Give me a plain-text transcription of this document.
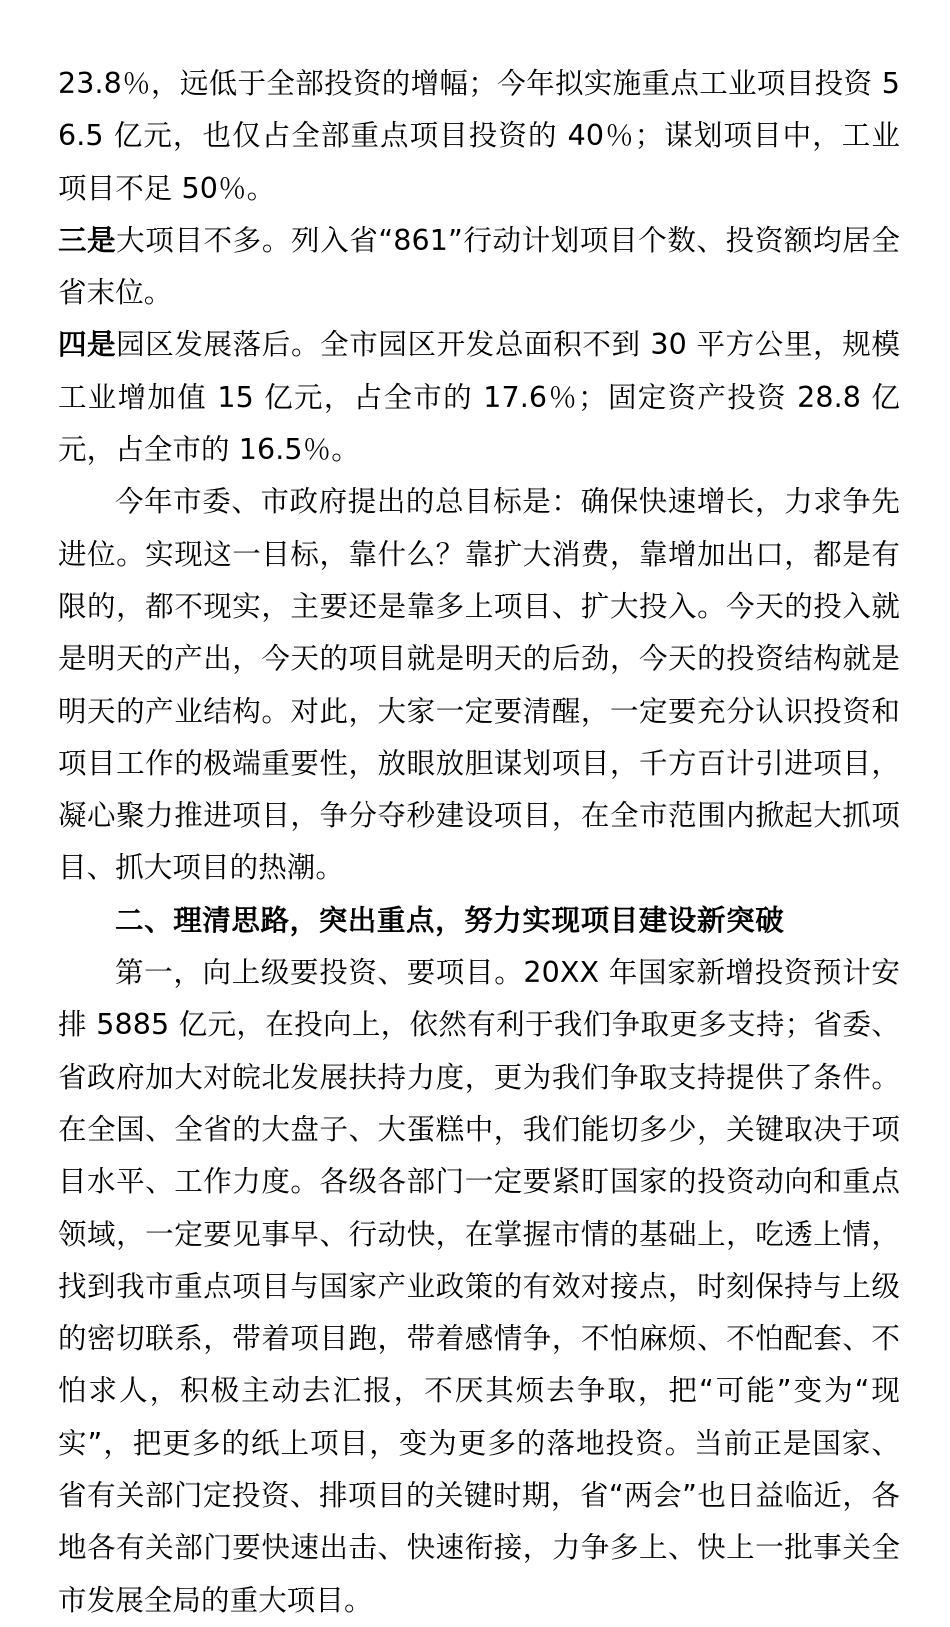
23.8％，远低于全部投资的增幅；今年拟实施重点工业项目投资 56.5 亿元，也仅占全部重点项目投资的 40％；谋划项目中，工业项目不足 50％。

三是大项目不多。列入省“861”行动计划项目个数、投资额均居全省末位。

四是园区发展落后。全市园区开发总面积不到 30 平方公里，规模工业增加值 15 亿元，占全市的 17.6％；固定资产投资 28.8 亿元，占全市的 16.5％。

今年市委、市政府提出的总目标是：确保快速增长，力求争先进位。实现这一目标，靠什么？靠扩大消费，靠增加出口，都是有限的，都不现实，主要还是靠多上项目、扩大投入。今天的投入就是明天的产出，今天的项目就是明天的后劲，今天的投资结构就是明天的产业结构。对此，大家一定要清醒，一定要充分认识投资和项目工作的极端重要性，放眼放胆谋划项目，千方百计引进项目，凝心聚力推进项目，争分夺秒建设项目，在全市范围内掀起大抓项目、抓大项目的热潮。

二、理清思路，突出重点，努力实现项目建设新突破

第一，向上级要投资、要项目。20XX 年国家新增投资预计安排 5885 亿元，在投向上，依然有利于我们争取更多支持；省委、省政府加大对皖北发展扶持力度，更为我们争取支持提供了条件。在全国、全省的大盘子、大蛋糕中，我们能切多少，关键取决于项目水平、工作力度。各级各部门一定要紧盯国家的投资动向和重点领域，一定要见事早、行动快，在掌握市情的基础上，吃透上情，找到我市重点项目与国家产业政策的有效对接点，时刻保持与上级的密切联系，带着项目跑，带着感情争，不怕麻烦、不怕配套、不怕求人，积极主动去汇报，不厌其烦去争取，把“可能”变为“现实”，把更多的纸上项目，变为更多的落地投资。当前正是国家、省有关部门定投资、排项目的关键时期，省“两会”也日益临近，各地各有关部门要快速出击、快速衔接，力争多上、快上一批事关全市发展全局的重大项目。
